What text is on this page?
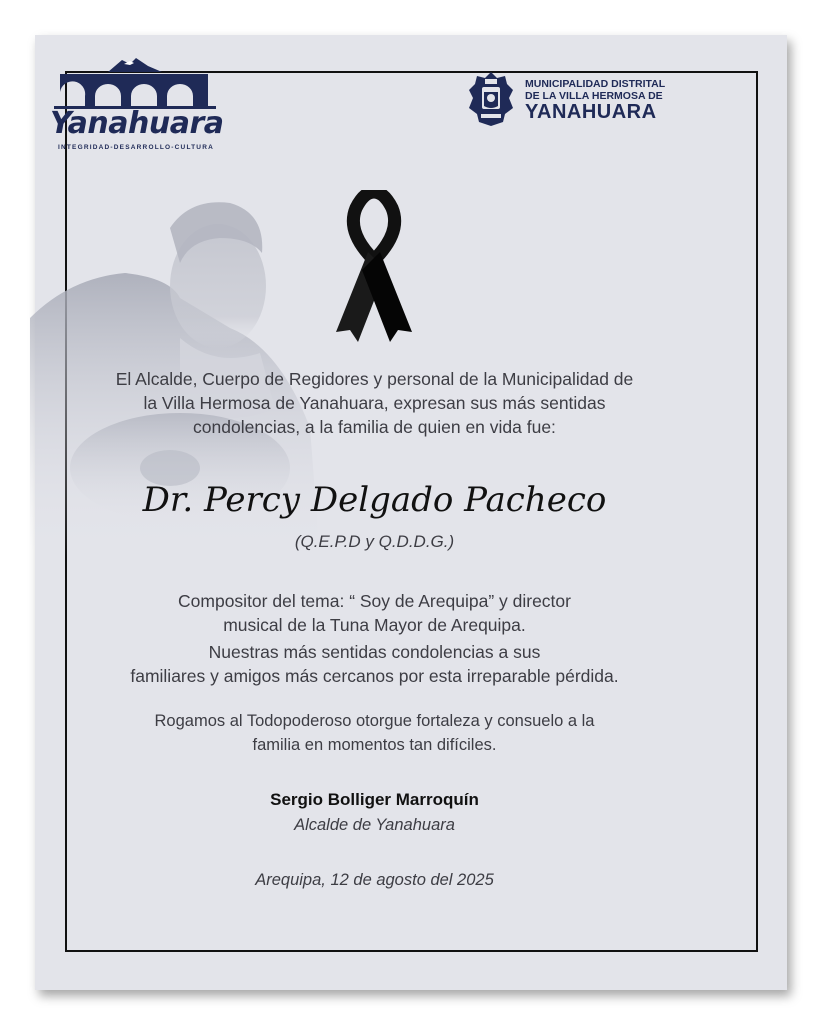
Yanahuara
INTEGRIDAD-DESARROLLO-CULTURA
MUNICIPALIDAD DISTRITAL
DE LA VILLA HERMOSA DE
YANAHUARA
El Alcalde, Cuerpo de Regidores y personal de la Municipalidad de
la Villa Hermosa de Yanahuara, expresan sus más sentidas
condolencias, a la familia de quien en vida fue:
Dr. Percy Delgado Pacheco
(Q.E.P.D y Q.D.D.G.)
Compositor del tema: “ Soy de Arequipa” y director
musical de la Tuna Mayor de Arequipa.
Nuestras más sentidas condolencias a sus
familiares y amigos más cercanos por esta irreparable pérdida.
Rogamos al Todopoderoso otorgue fortaleza y consuelo a la
familia en momentos tan difíciles.
Sergio Bolliger Marroquín
Alcalde de Yanahuara
Arequipa, 12 de agosto del 2025
